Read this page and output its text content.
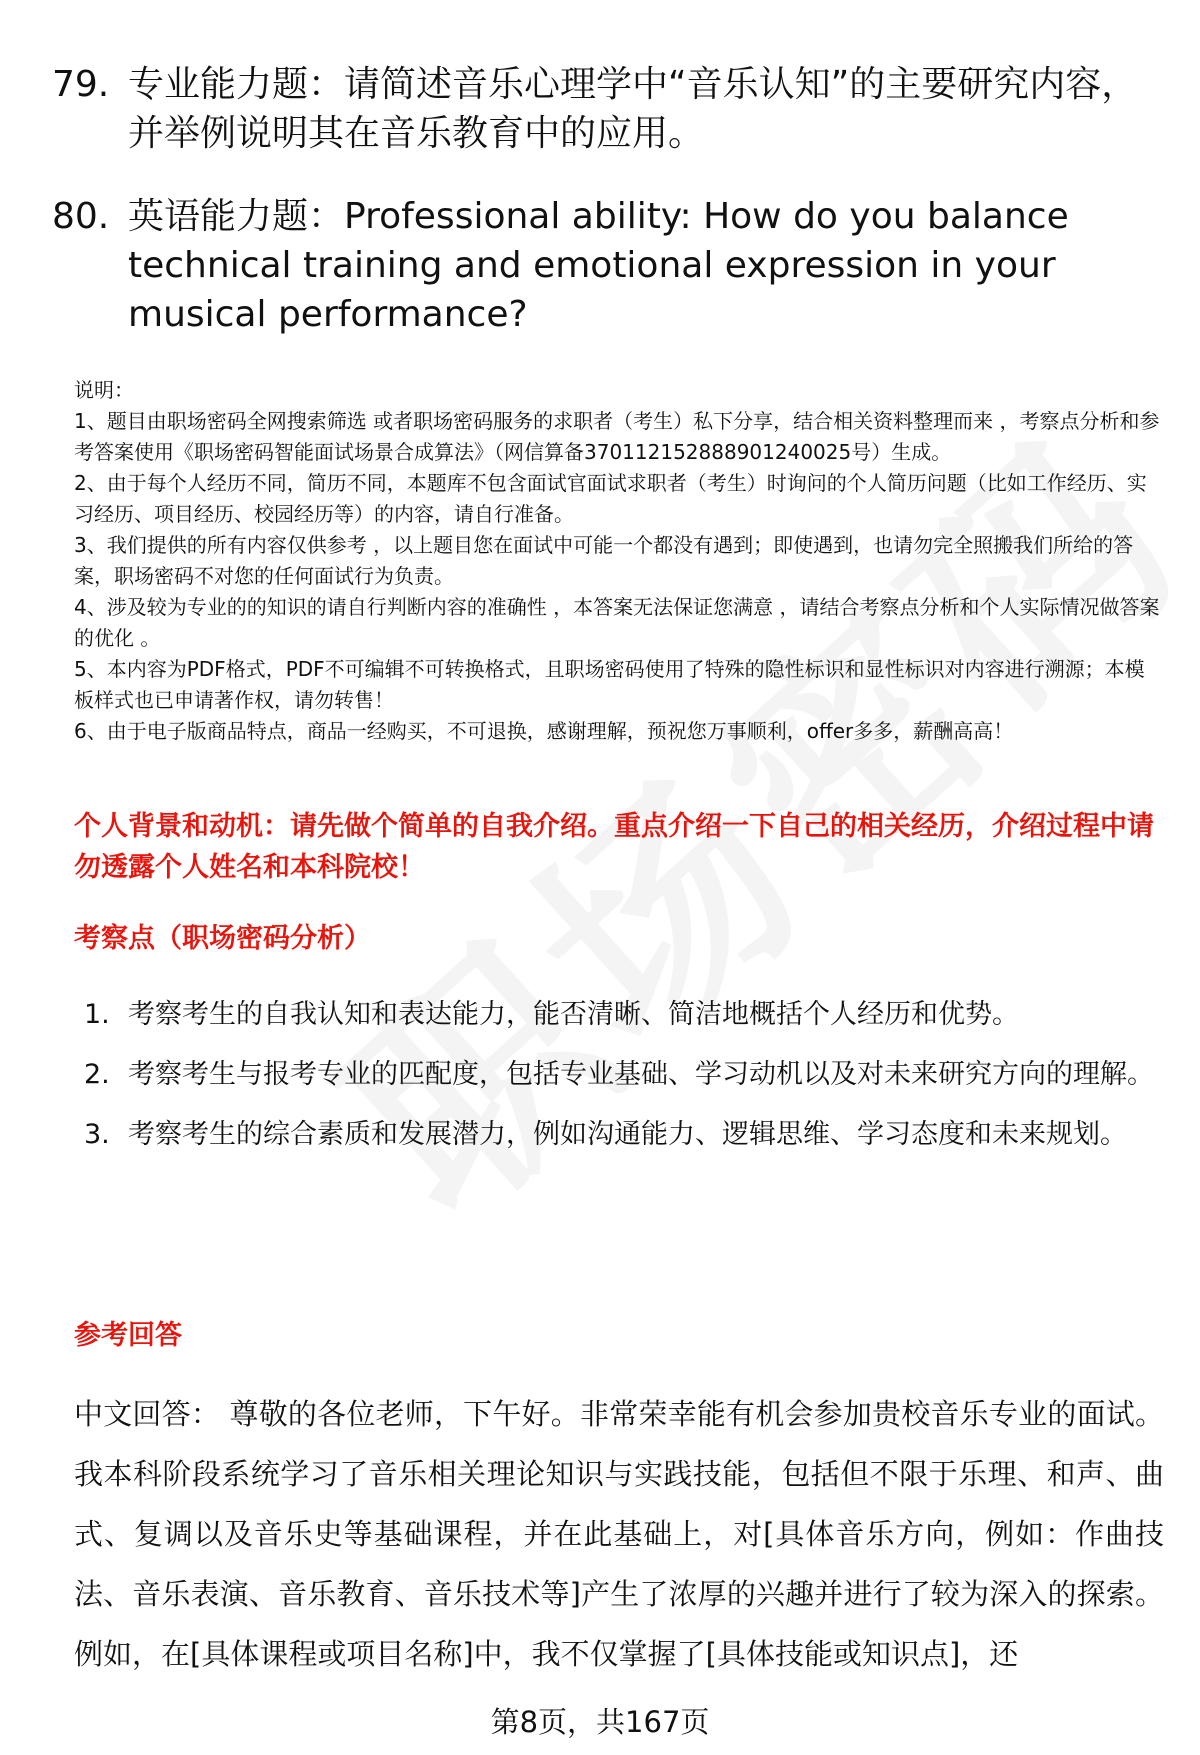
79. 专业能力题：请简述音乐心理学中“音乐认知”的主要研究内容，并举例说明其在音乐教育中的应用。
80. 英语能力题：Professional ability: How do you balance technical training and emotional expression in your musical performance?

说明：

1、题目由职场密码全网搜索筛选 或者职场密码服务的求职者（考生）私下分享，结合相关资料整理而来 ，考察点分析和参考答案使用《职场密码智能面试场景合成算法》（网信算备370112152888901240025号）生成。

2、由于每个人经历不同，简历不同，本题库不包含面试官面试求职者（考生）时询问的个人简历问题（比如工作经历、实习经历、项目经历、校园经历等）的内容，请自行准备。

3、我们提供的所有内容仅供参考 ，以上题目您在面试中可能一个都没有遇到；即使遇到，也请勿完全照搬我们所给的答案，职场密码不对您的任何面试行为负责。

4、涉及较为专业的的知识的请自行判断内容的准确性 ，本答案无法保证您满意 ，请结合考察点分析和个人实际情况做答案的优化 。

5、本内容为PDF格式，PDF不可编辑不可转换格式，且职场密码使用了特殊的隐性标识和显性标识对内容进行溯源；本模板样式也已申请著作权，请勿转售！

6、由于电子版商品特点，商品一经购买，不可退换，感谢理解，预祝您万事顺利，offer多多，薪酬高高！

个人背景和动机：请先做个简单的自我介绍。重点介绍一下自己的相关经历，介绍过程中请勿透露个人姓名和本科院校！
考察点（职场密码分析）
1. 考察考生的自我认知和表达能力，能否清晰、简洁地概括个人经历和优势。
2. 考察考生与报考专业的匹配度，包括专业基础、学习动机以及对未来研究方向的理解。
3. 考察考生的综合素质和发展潜力，例如沟通能力、逻辑思维、学习态度和未来规划。
参考回答
中文回答： 尊敬的各位老师，下午好。非常荣幸能有机会参加贵校音乐专业的面试。我本科阶段系统学习了音乐相关理论知识与实践技能，包括但不限于乐理、和声、曲式、复调以及音乐史等基础课程，并在此基础上，对[具体音乐方向，例如：作曲技法、音乐表演、音乐教育、音乐技术等]产生了浓厚的兴趣并进行了较为深入的探索。例如，在[具体课程或项目名称]中，我不仅掌握了[具体技能或知识点]，还
第8页，共167页
